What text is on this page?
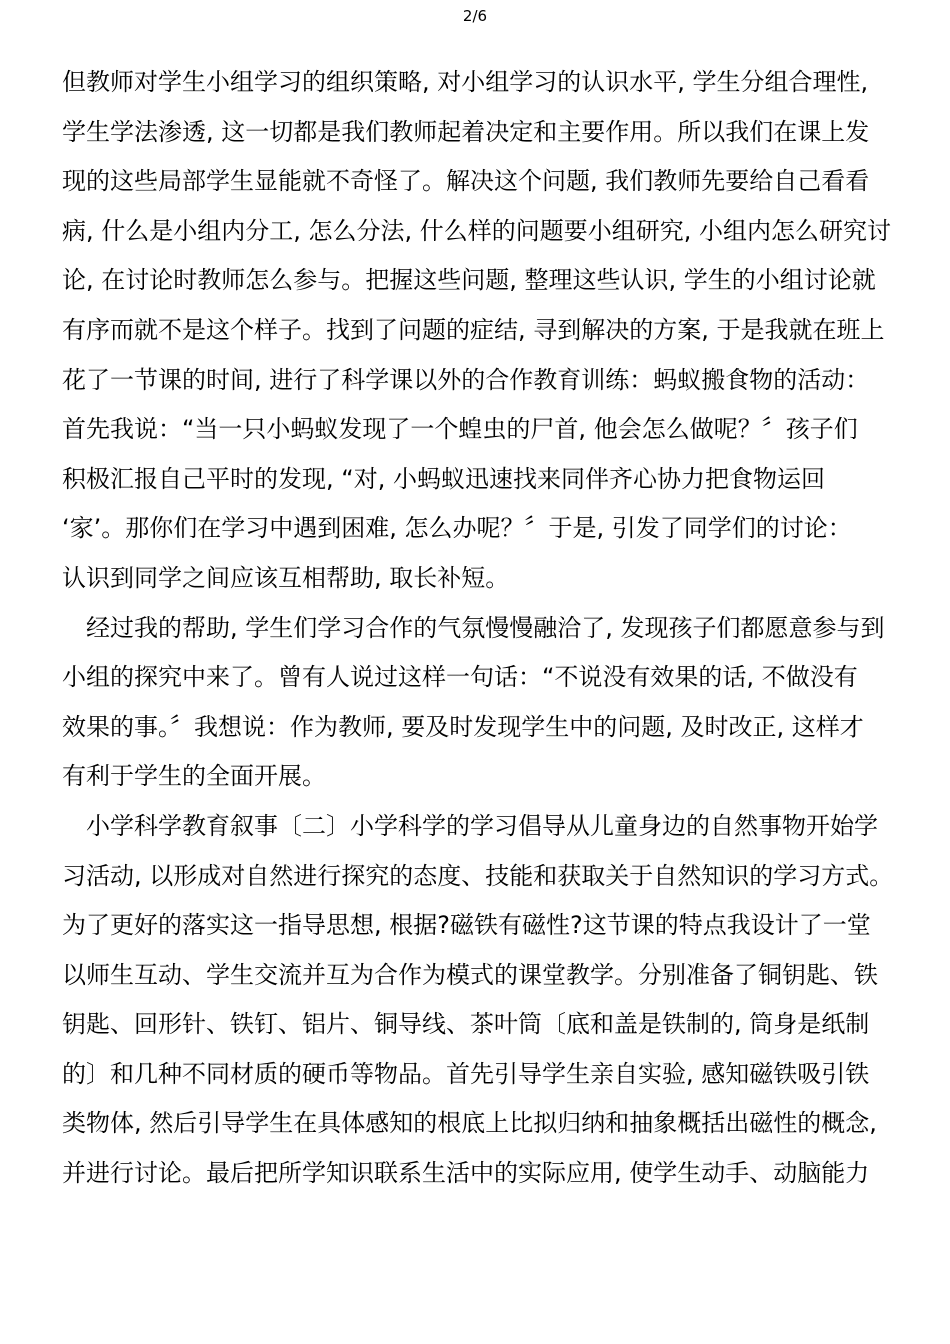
2/6
但教师对学生小组学习的组织策略, 对小组学习的认识水平, 学生分组合理性,
学生学法渗透, 这一切都是我们教师起着决定和主要作用。所以我们在课上发
现的这些局部学生显能就不奇怪了。解决这个问题, 我们教师先要给自己看看
病, 什么是小组内分工, 怎么分法, 什么样的问题要小组研究, 小组内怎么研究讨
论, 在讨论时教师怎么参与。把握这些问题, 整理这些认识, 学生的小组讨论就
有序而就不是这个样子。找到了问题的症结, 寻到解决的方案, 于是我就在班上
花了一节课的时间, 进行了科学课以外的合作教育训练：蚂蚁搬食物的活动：
首先我说：“当一只小蚂蚁发现了一个蝗虫的尸首, 他会怎么做呢？〞孩子们
积极汇报自己平时的发现, “对, 小蚂蚁迅速找来同伴齐心协力把食物运回
‘家’。那你们在学习中遇到困难, 怎么办呢？〞于是, 引发了同学们的讨论：
认识到同学之间应该互相帮助, 取长补短。
　经过我的帮助, 学生们学习合作的气氛慢慢融洽了, 发现孩子们都愿意参与到
小组的探究中来了。曾有人说过这样一句话：“不说没有效果的话, 不做没有
效果的事。〞我想说：作为教师, 要及时发现学生中的问题, 及时改正, 这样才
有利于学生的全面开展。
　小学科学教育叙事〔二〕小学科学的学习倡导从儿童身边的自然事物开始学
习活动, 以形成对自然进行探究的态度、技能和获取关于自然知识的学习方式。
为了更好的落实这一指导思想, 根据?磁铁有磁性?这节课的特点我设计了一堂
以师生互动、学生交流并互为合作为模式的课堂教学。分别准备了铜钥匙、铁
钥匙、回形针、铁钉、铝片、铜导线、茶叶筒〔底和盖是铁制的, 筒身是纸制
的〕和几种不同材质的硬币等物品。首先引导学生亲自实验, 感知磁铁吸引铁
类物体, 然后引导学生在具体感知的根底上比拟归纳和抽象概括出磁性的概念,
并进行讨论。最后把所学知识联系生活中的实际应用, 使学生动手、动脑能力
